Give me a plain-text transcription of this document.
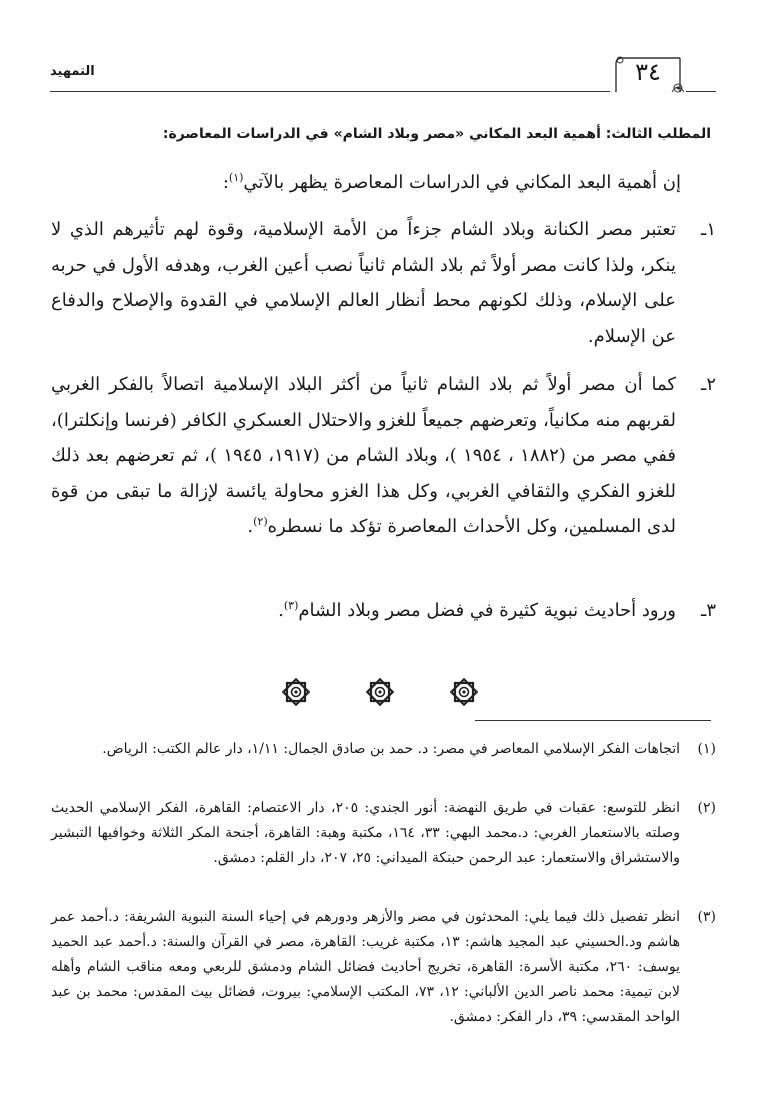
التمهيد	٣٤
المطلب الثالث: أهمية البعد المكاني «مصر وبلاد الشام» في الدراسات المعاصرة:
إن أهمية البعد المكاني في الدراسات المعاصرة يظهر بالآتي$^{(١)}$:
١ـ
تعتبر مصر الكنانة وبلاد الشام جزءاً من الأمة الإسلامية، وقوة لهم تأثيرهم الذي لا ينكر، ولذا كانت مصر أولاً ثم بلاد الشام ثانياً نصب أعين الغرب، وهدفه الأول في حربه على الإسلام، وذلك لكونهم محط أنظار العالم الإسلامي في القدوة والإصلاح والدفاع عن الإسلام.
٢ـ
كما أن مصر أولاً ثم بلاد الشام ثانياً من أكثر البلاد الإسلامية اتصالاً بالفكر الغربي لقربهم منه مكانياً، وتعرضهم جميعاً للغزو والاحتلال العسكري الكافر (فرنسا وإنكلترا)، ففي مصر من (١٨٨٢ ، ١٩٥٤ )، وبلاد الشام من (١٩١٧، ١٩٤٥ )، ثم تعرضهم بعد ذلك للغزو الفكري والثقافي الغربي، وكل هذا الغزو محاولة يائسة لإزالة ما تبقى من قوة لدى المسلمين، وكل الأحداث المعاصرة تؤكد ما نسطره$^{(٢)}$.
٣ـ
ورود أحاديث نبوية كثيرة في فضل مصر وبلاد الشام$^{(٣)}$.
(١)
اتجاهات الفكر الإسلامي المعاصر في مصر: د. حمد بن صادق الجمال: ١/١١، دار عالم الكتب: الرياض.
(٢)
انظر للتوسع: عقبات في طريق النهضة: أنور الجندي: ٢٠٥، دار الاعتصام: القاهرة، الفكر الإسلامي الحديث وصلته بالاستعمار الغربي: د.محمد البهي: ٣٣، ١٦٤، مكتبة وهبة: القاهرة، أجنحة المكر الثلاثة وخوافيها التبشير والاستشراق والاستعمار: عبد الرحمن حبنكة الميداني: ٢٥، ٢٠٧، دار القلم: دمشق.
(٣)
انظر تفصيل ذلك فيما يلي: المحدثون في مصر والأزهر ودورهم في إحياء السنة النبوية الشريفة: د.أحمد عمر هاشم ود.الحسيني عبد المجيد هاشم: ١٣، مكتبة غريب: القاهرة، مصر في القرآن والسنة: د.أحمد عبد الحميد يوسف: ٢٦٠، مكتبة الأسرة: القاهرة، تخريج أحاديث فضائل الشام ودمشق للربعي ومعه مناقب الشام وأهله لابن تيمية: محمد ناصر الدين الألباني: ١٢، ٧٣، المكتب الإسلامي: بيروت، فضائل بيت المقدس: محمد بن عبد الواحد المقدسي: ٣٩، دار الفكر: دمشق.
